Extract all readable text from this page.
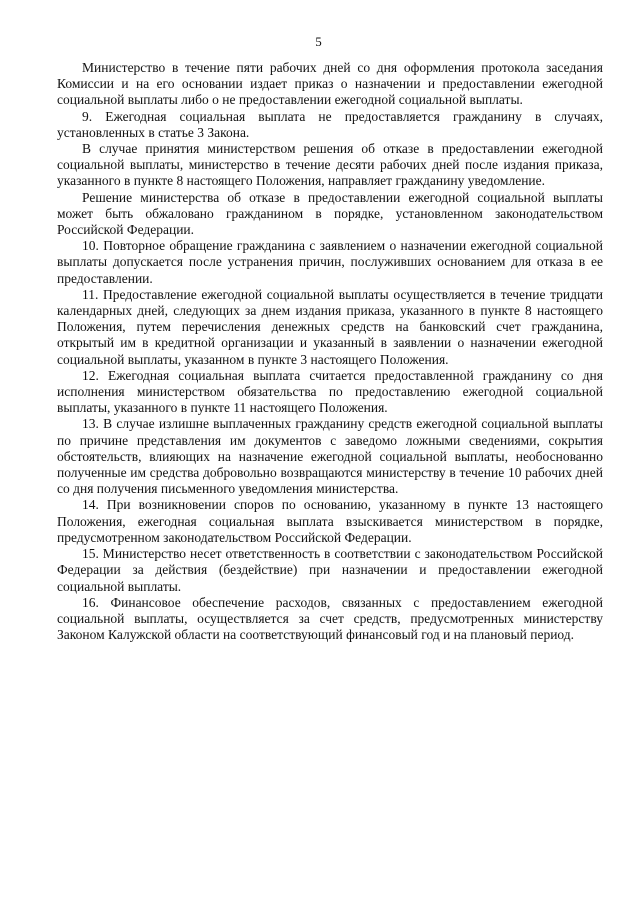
5

Министерство в течение пяти рабочих дней со дня оформления протокола заседания Комиссии и на его основании издает приказ о назначении и предоставлении ежегодной социальной выплаты либо о не предоставлении ежегодной социальной выплаты.

9. Ежегодная социальная выплата не предоставляется гражданину в случаях, установленных в статье 3 Закона.

В случае принятия министерством решения об отказе в предоставлении ежегодной социальной выплаты, министерство в течение десяти рабочих дней после издания приказа, указанного в пункте 8 настоящего Положения, направляет гражданину уведомление.

Решение министерства об отказе в предоставлении ежегодной социальной выплаты может быть обжаловано гражданином в порядке, установленном законодательством Российской Федерации.

10. Повторное обращение гражданина с заявлением о назначении ежегодной социальной выплаты допускается после устранения причин, послуживших основанием для отказа в ее предоставлении.

11. Предоставление ежегодной социальной выплаты осуществляется в течение тридцати календарных дней, следующих за днем издания приказа, указанного в пункте 8 настоящего Положения, путем перечисления денежных средств на банковский счет гражданина, открытый им в кредитной организации и указанный в заявлении о назначении ежегодной социальной выплаты, указанном в пункте 3 настоящего Положения.

12. Ежегодная социальная выплата считается предоставленной гражданину со дня исполнения министерством обязательства по предоставлению ежегодной социальной выплаты, указанного в пункте 11 настоящего Положения.

13. В случае излишне выплаченных гражданину средств ежегодной социальной выплаты по причине представления им документов с заведомо ложными сведениями, сокрытия обстоятельств, влияющих на назначение ежегодной социальной выплаты, необоснованно полученные им средства добровольно возвращаются министерству в течение 10 рабочих дней со дня получения письменного уведомления министерства.

14. При возникновении споров по основанию, указанному в пункте 13 настоящего Положения, ежегодная социальная выплата взыскивается министерством в порядке, предусмотренном законодательством Российской Федерации.

15. Министерство несет ответственность в соответствии с законодательством Российской Федерации за действия (бездействие) при назначении и предоставлении ежегодной социальной выплаты.

16. Финансовое обеспечение расходов, связанных с предоставлением ежегодной социальной выплаты, осуществляется за счет средств, предусмотренных министерству Законом Калужской области на соответствующий финансовый год и на плановый период.
